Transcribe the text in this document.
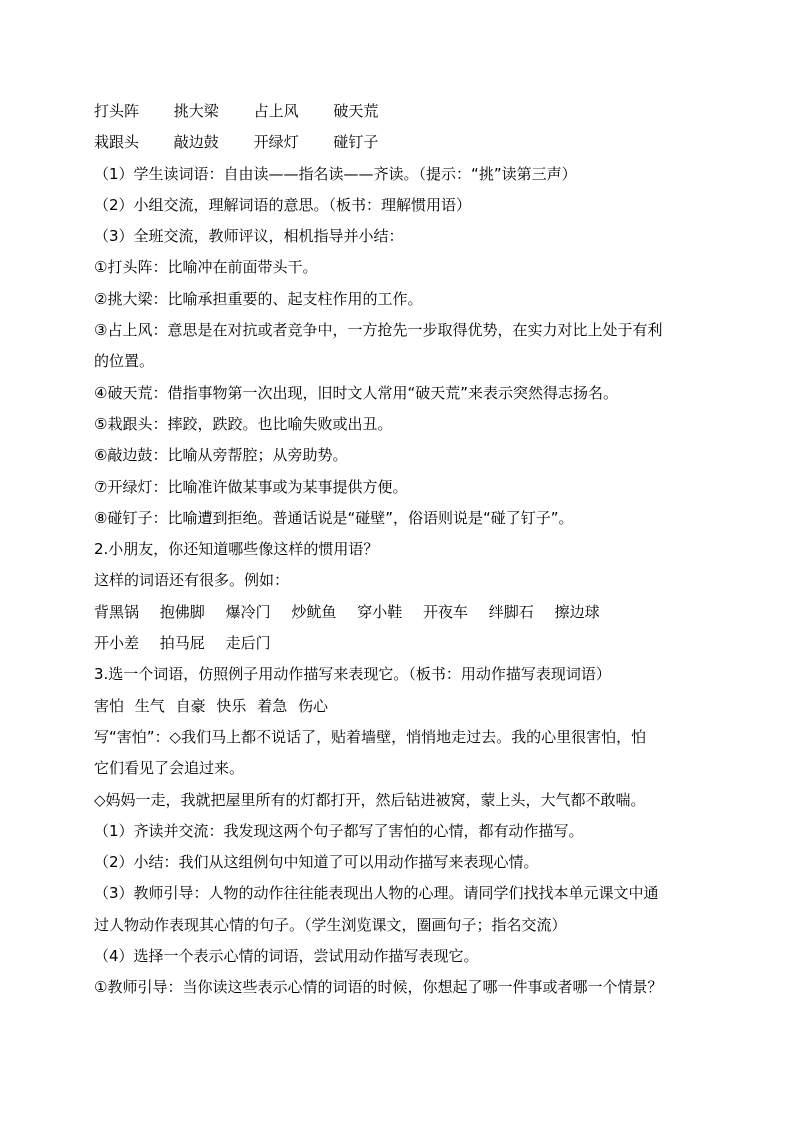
打头阵 挑大梁 占上风 破天荒
栽跟头 敲边鼓 开绿灯 碰钉子
（1）学生读词语：自由读——指名读——齐读。（提示：“挑”读第三声）
（2）小组交流，理解词语的意思。（板书：理解惯用语）
（3）全班交流，教师评议，相机指导并小结：
①打头阵：比喻冲在前面带头干。
②挑大梁：比喻承担重要的、起支柱作用的工作。
③占上风：意思是在对抗或者竞争中，一方抢先一步取得优势，在实力对比上处于有利
的位置。
④破天荒：借指事物第一次出现，旧时文人常用“破天荒”来表示突然得志扬名。
⑤栽跟头：摔跤，跌跤。也比喻失败或出丑。
⑥敲边鼓：比喻从旁帮腔；从旁助势。
⑦开绿灯：比喻准许做某事或为某事提供方便。
⑧碰钉子：比喻遭到拒绝。普通话说是“碰壁”，俗语则说是“碰了钉子”。
2.小朋友，你还知道哪些像这样的惯用语？
这样的词语还有很多。例如：
背黑锅 抱佛脚 爆冷门 炒鱿鱼 穿小鞋 开夜车 绊脚石 擦边球
开小差 拍马屁 走后门
3.选一个词语，仿照例子用动作描写来表现它。（板书：用动作描写表现词语）
害怕 生气 自豪 快乐 着急 伤心
写“害怕”：◇我们马上都不说话了，贴着墙壁，悄悄地走过去。我的心里很害怕，怕
它们看见了会追过来。
◇妈妈一走，我就把屋里所有的灯都打开，然后钻进被窝，蒙上头，大气都不敢喘。
（1）齐读并交流：我发现这两个句子都写了害怕的心情，都有动作描写。
（2）小结：我们从这组例句中知道了可以用动作描写来表现心情。
（3）教师引导：人物的动作往往能表现出人物的心理。请同学们找找本单元课文中通
过人物动作表现其心情的句子。（学生浏览课文，圈画句子；指名交流）
（4）选择一个表示心情的词语，尝试用动作描写表现它。
①教师引导：当你读这些表示心情的词语的时候，你想起了哪一件事或者哪一个情景？
